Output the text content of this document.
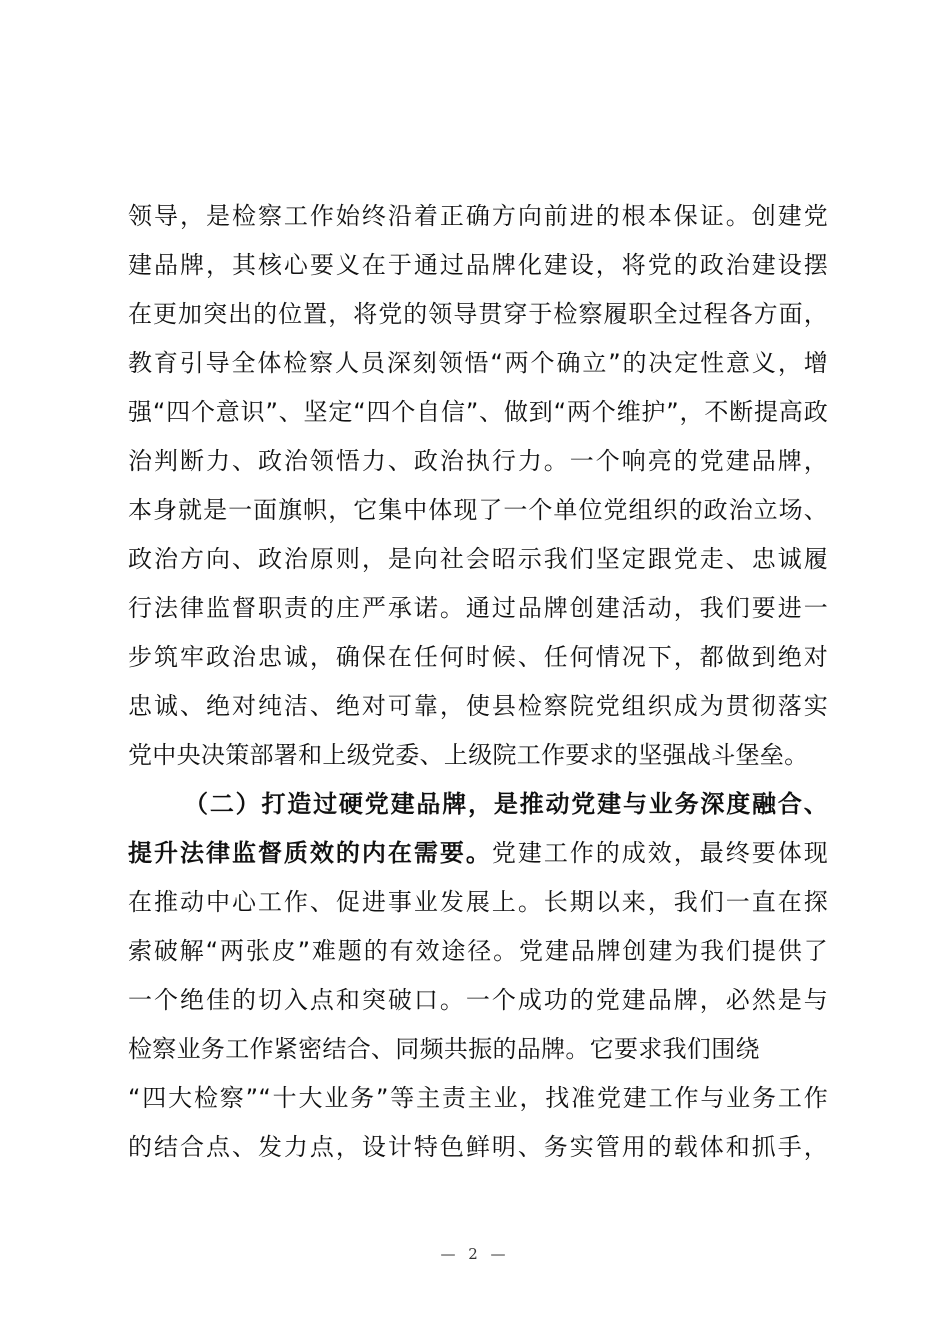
领导，是检察工作始终沿着正确方向前进的根本保证。创建党
建品牌，其核心要义在于通过品牌化建设，将党的政治建设摆
在更加突出的位置，将党的领导贯穿于检察履职全过程各方面，
教育引导全体检察人员深刻领悟“两个确立”的决定性意义，增
强“四个意识”、坚定“四个自信”、做到“两个维护”，不断提高政
治判断力、政治领悟力、政治执行力。一个响亮的党建品牌，
本身就是一面旗帜，它集中体现了一个单位党组织的政治立场、
政治方向、政治原则，是向社会昭示我们坚定跟党走、忠诚履
行法律监督职责的庄严承诺。通过品牌创建活动，我们要进一
步筑牢政治忠诚，确保在任何时候、任何情况下，都做到绝对
忠诚、绝对纯洁、绝对可靠，使县检察院党组织成为贯彻落实
党中央决策部署和上级党委、上级院工作要求的坚强战斗堡垒。
（二）打造过硬党建品牌，是推动党建与业务深度融合、
提升法律监督质效的内在需要。党建工作的成效，最终要体现
在推动中心工作、促进事业发展上。长期以来，我们一直在探
索破解“两张皮”难题的有效途径。党建品牌创建为我们提供了
一个绝佳的切入点和突破口。一个成功的党建品牌，必然是与
检察业务工作紧密结合、同频共振的品牌。它要求我们围绕
“四大检察”“十大业务”等主责主业，找准党建工作与业务工作
的结合点、发力点，设计特色鲜明、务实管用的载体和抓手，
— 2 —
